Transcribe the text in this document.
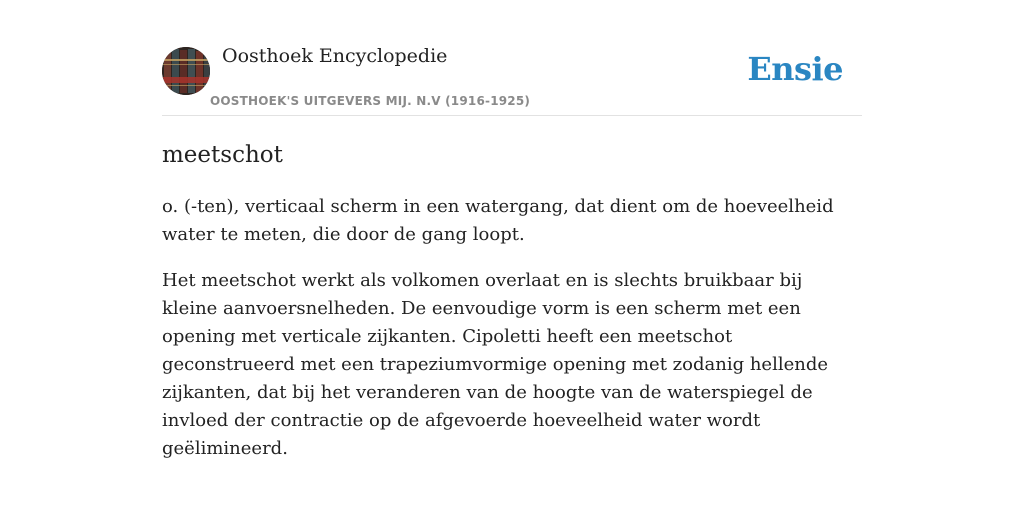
Oosthoek Encyclopedie
OOSTHOEK'S UITGEVERS MIJ. N.V (1916-1925)
Ensie
meetschot

o. (-ten), verticaal scherm in een watergang, dat dient om de hoeveelheid water te meten, die door de gang loopt.

Het meetschot werkt als volkomen overlaat en is slechts bruikbaar bij kleine aanvoersnelheden. De eenvoudige vorm is een scherm met een opening met verticale zijkanten. Cipoletti heeft een meetschot geconstrueerd met een trapeziumvormige opening met zodanig hellende zijkanten, dat bij het veranderen van de hoogte van de waterspiegel de invloed der contractie op de afgevoerde hoeveelheid water wordt geëlimineerd.
